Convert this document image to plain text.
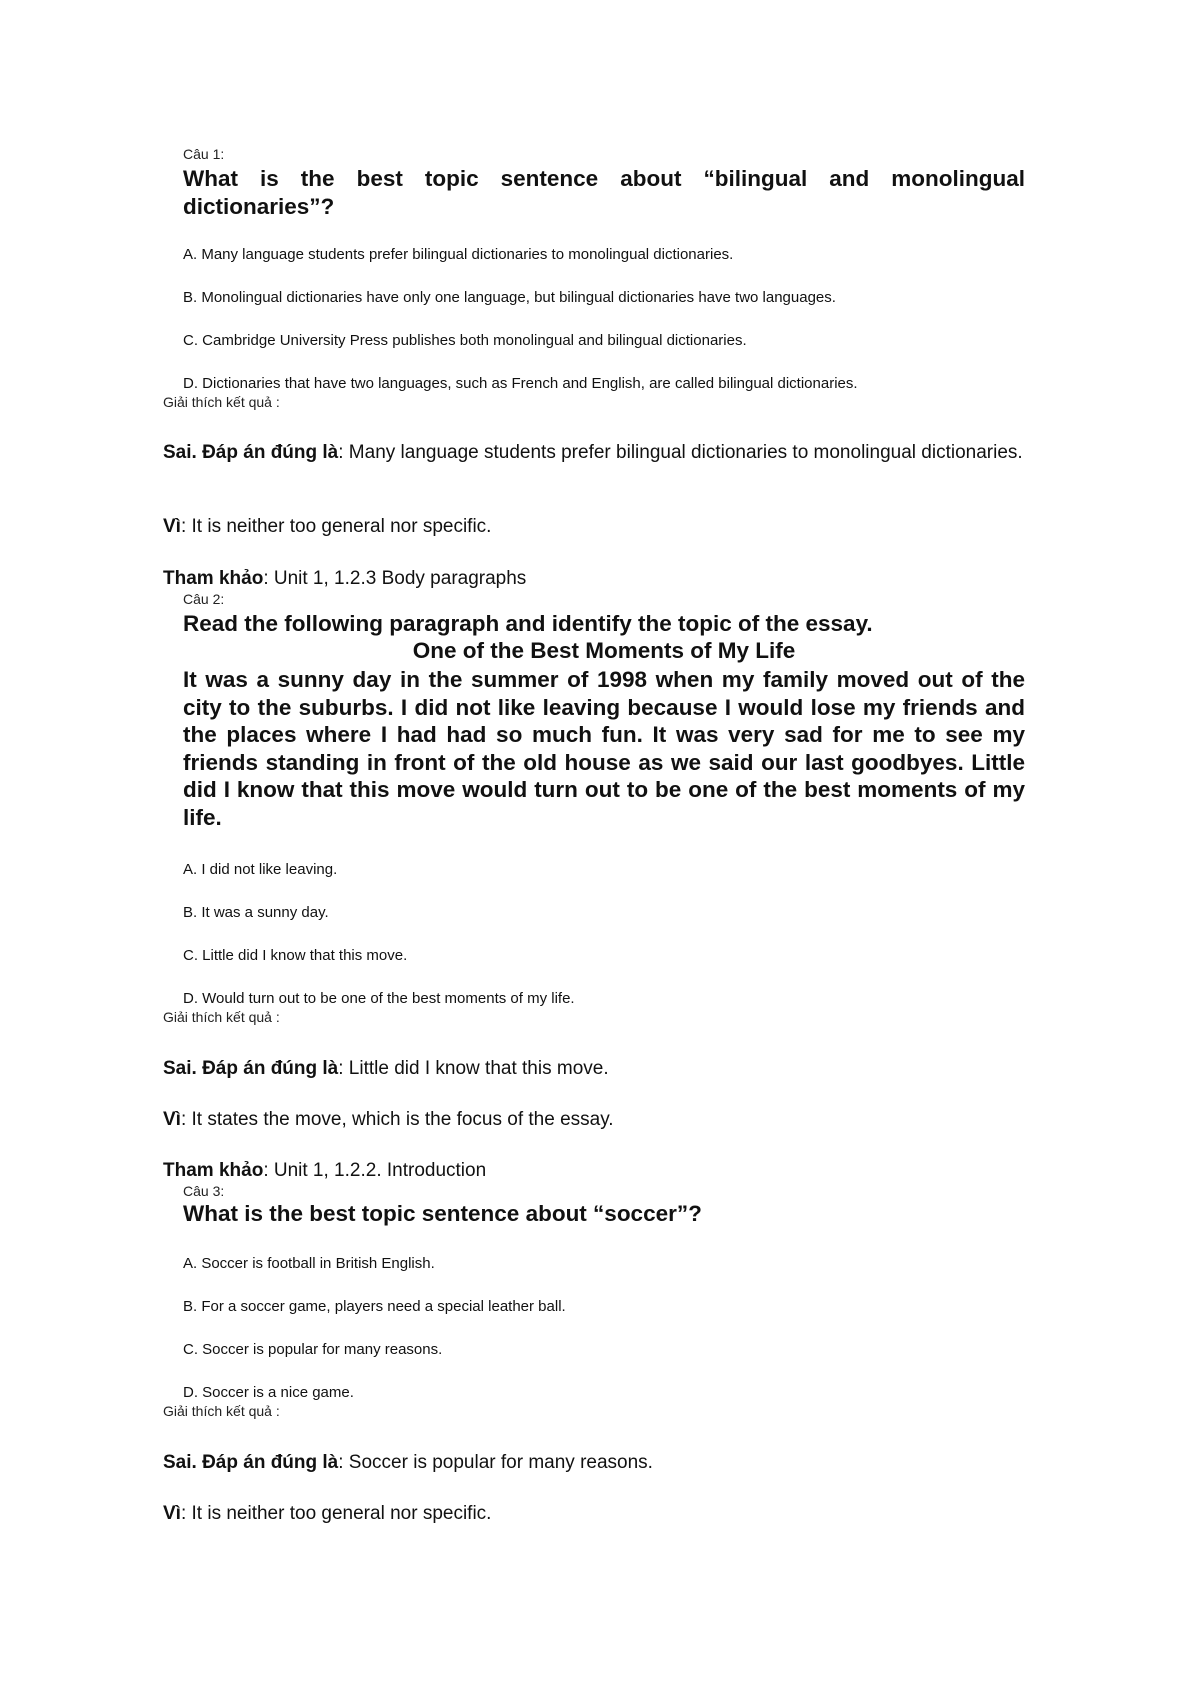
Câu 1:
What is the best topic sentence about “bilingual and monolingual dictionaries”?
A. Many language students prefer bilingual dictionaries to monolingual dictionaries.
B. Monolingual dictionaries have only one language, but bilingual dictionaries have two languages.
C. Cambridge University Press publishes both monolingual and bilingual dictionaries.
D. Dictionaries that have two languages, such as French and English, are called bilingual dictionaries.
Giải thích kết quả :
Sai. Đáp án đúng là: Many language students prefer bilingual dictionaries to monolingual dictionaries.
Vì: It is neither too general nor specific.
Tham khảo: Unit 1, 1.2.3 Body paragraphs
Câu 2:
Read the following paragraph and identify the topic of the essay.
One of the Best Moments of My Life
It was a sunny day in the summer of 1998 when my family moved out of the city to the suburbs. I did not like leaving because I would lose my friends and the places where I had had so much fun. It was very sad for me to see my friends standing in front of the old house as we said our last goodbyes. Little did I know that this move would turn out to be one of the best moments of my life.
A. I did not like leaving.
B. It was a sunny day.
C. Little did I know that this move.
D. Would turn out to be one of the best moments of my life.
Giải thích kết quả :
Sai. Đáp án đúng là: Little did I know that this move.
Vì: It states the move, which is the focus of the essay.
Tham khảo: Unit 1, 1.2.2. Introduction
Câu 3:
What is the best topic sentence about “soccer”?
A. Soccer is football in British English.
B. For a soccer game, players need a special leather ball.
C. Soccer is popular for many reasons.
D. Soccer is a nice game.
Giải thích kết quả :
Sai. Đáp án đúng là: Soccer is popular for many reasons.
Vì: It is neither too general nor specific.
